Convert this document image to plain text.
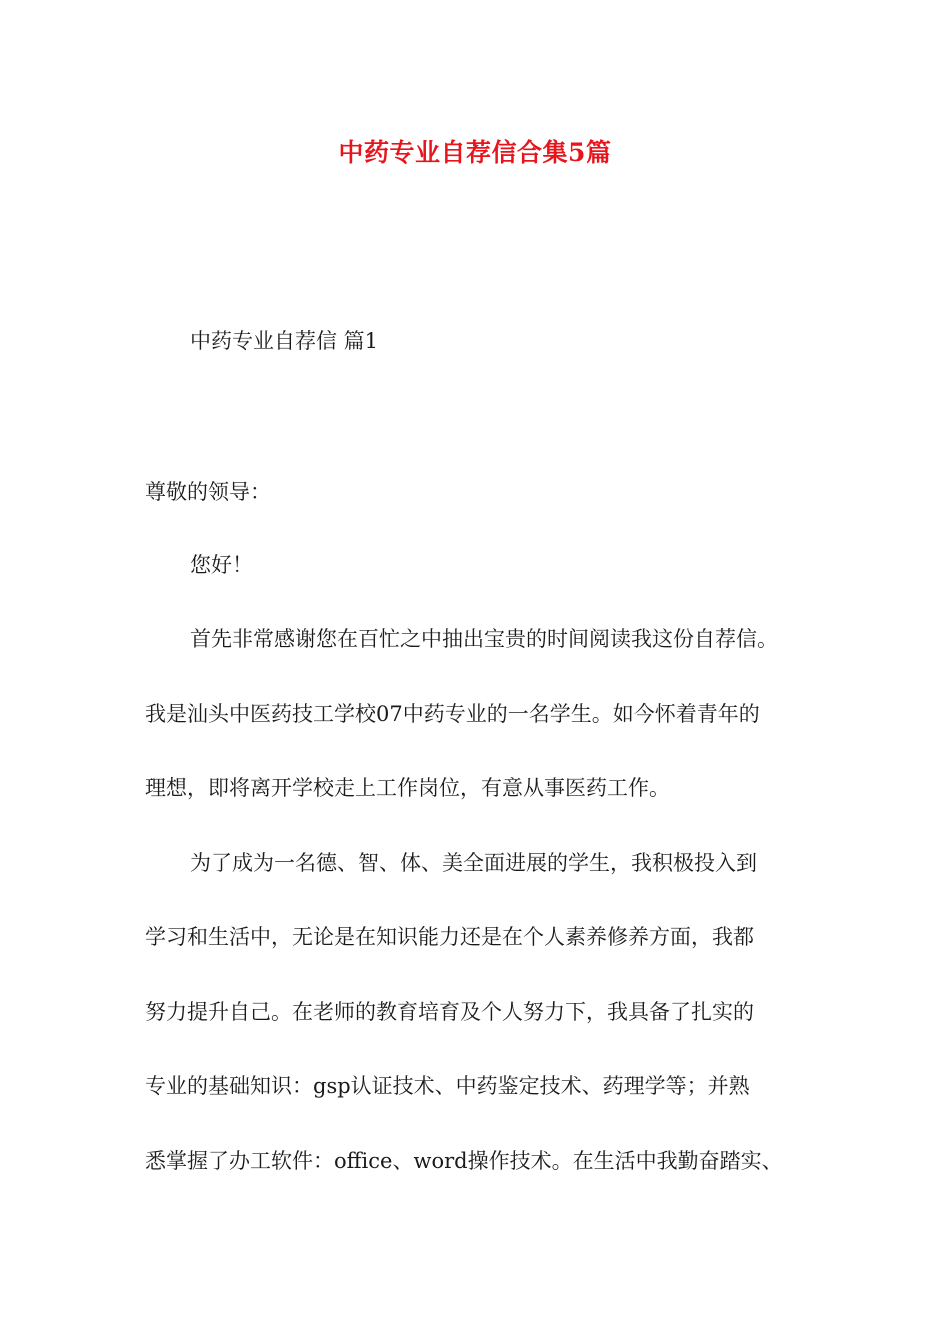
中药专业自荐信合集5篇

中药专业自荐信 篇1

尊敬的领导：

您好！

首先非常感谢您在百忙之中抽出宝贵的时间阅读我这份自荐信。

我是汕头中医药技工学校07中药专业的一名学生。如今怀着青年的

理想，即将离开学校走上工作岗位，有意从事医药工作。

为了成为一名德、智、体、美全面进展的学生，我积极投入到

学习和生活中，无论是在知识能力还是在个人素养修养方面，我都

努力提升自己。在老师的教育培育及个人努力下，我具备了扎实的

专业的基础知识：gsp认证技术、中药鉴定技术、药理学等；并熟

悉掌握了办工软件：office、word操作技术。在生活中我勤奋踏实、
